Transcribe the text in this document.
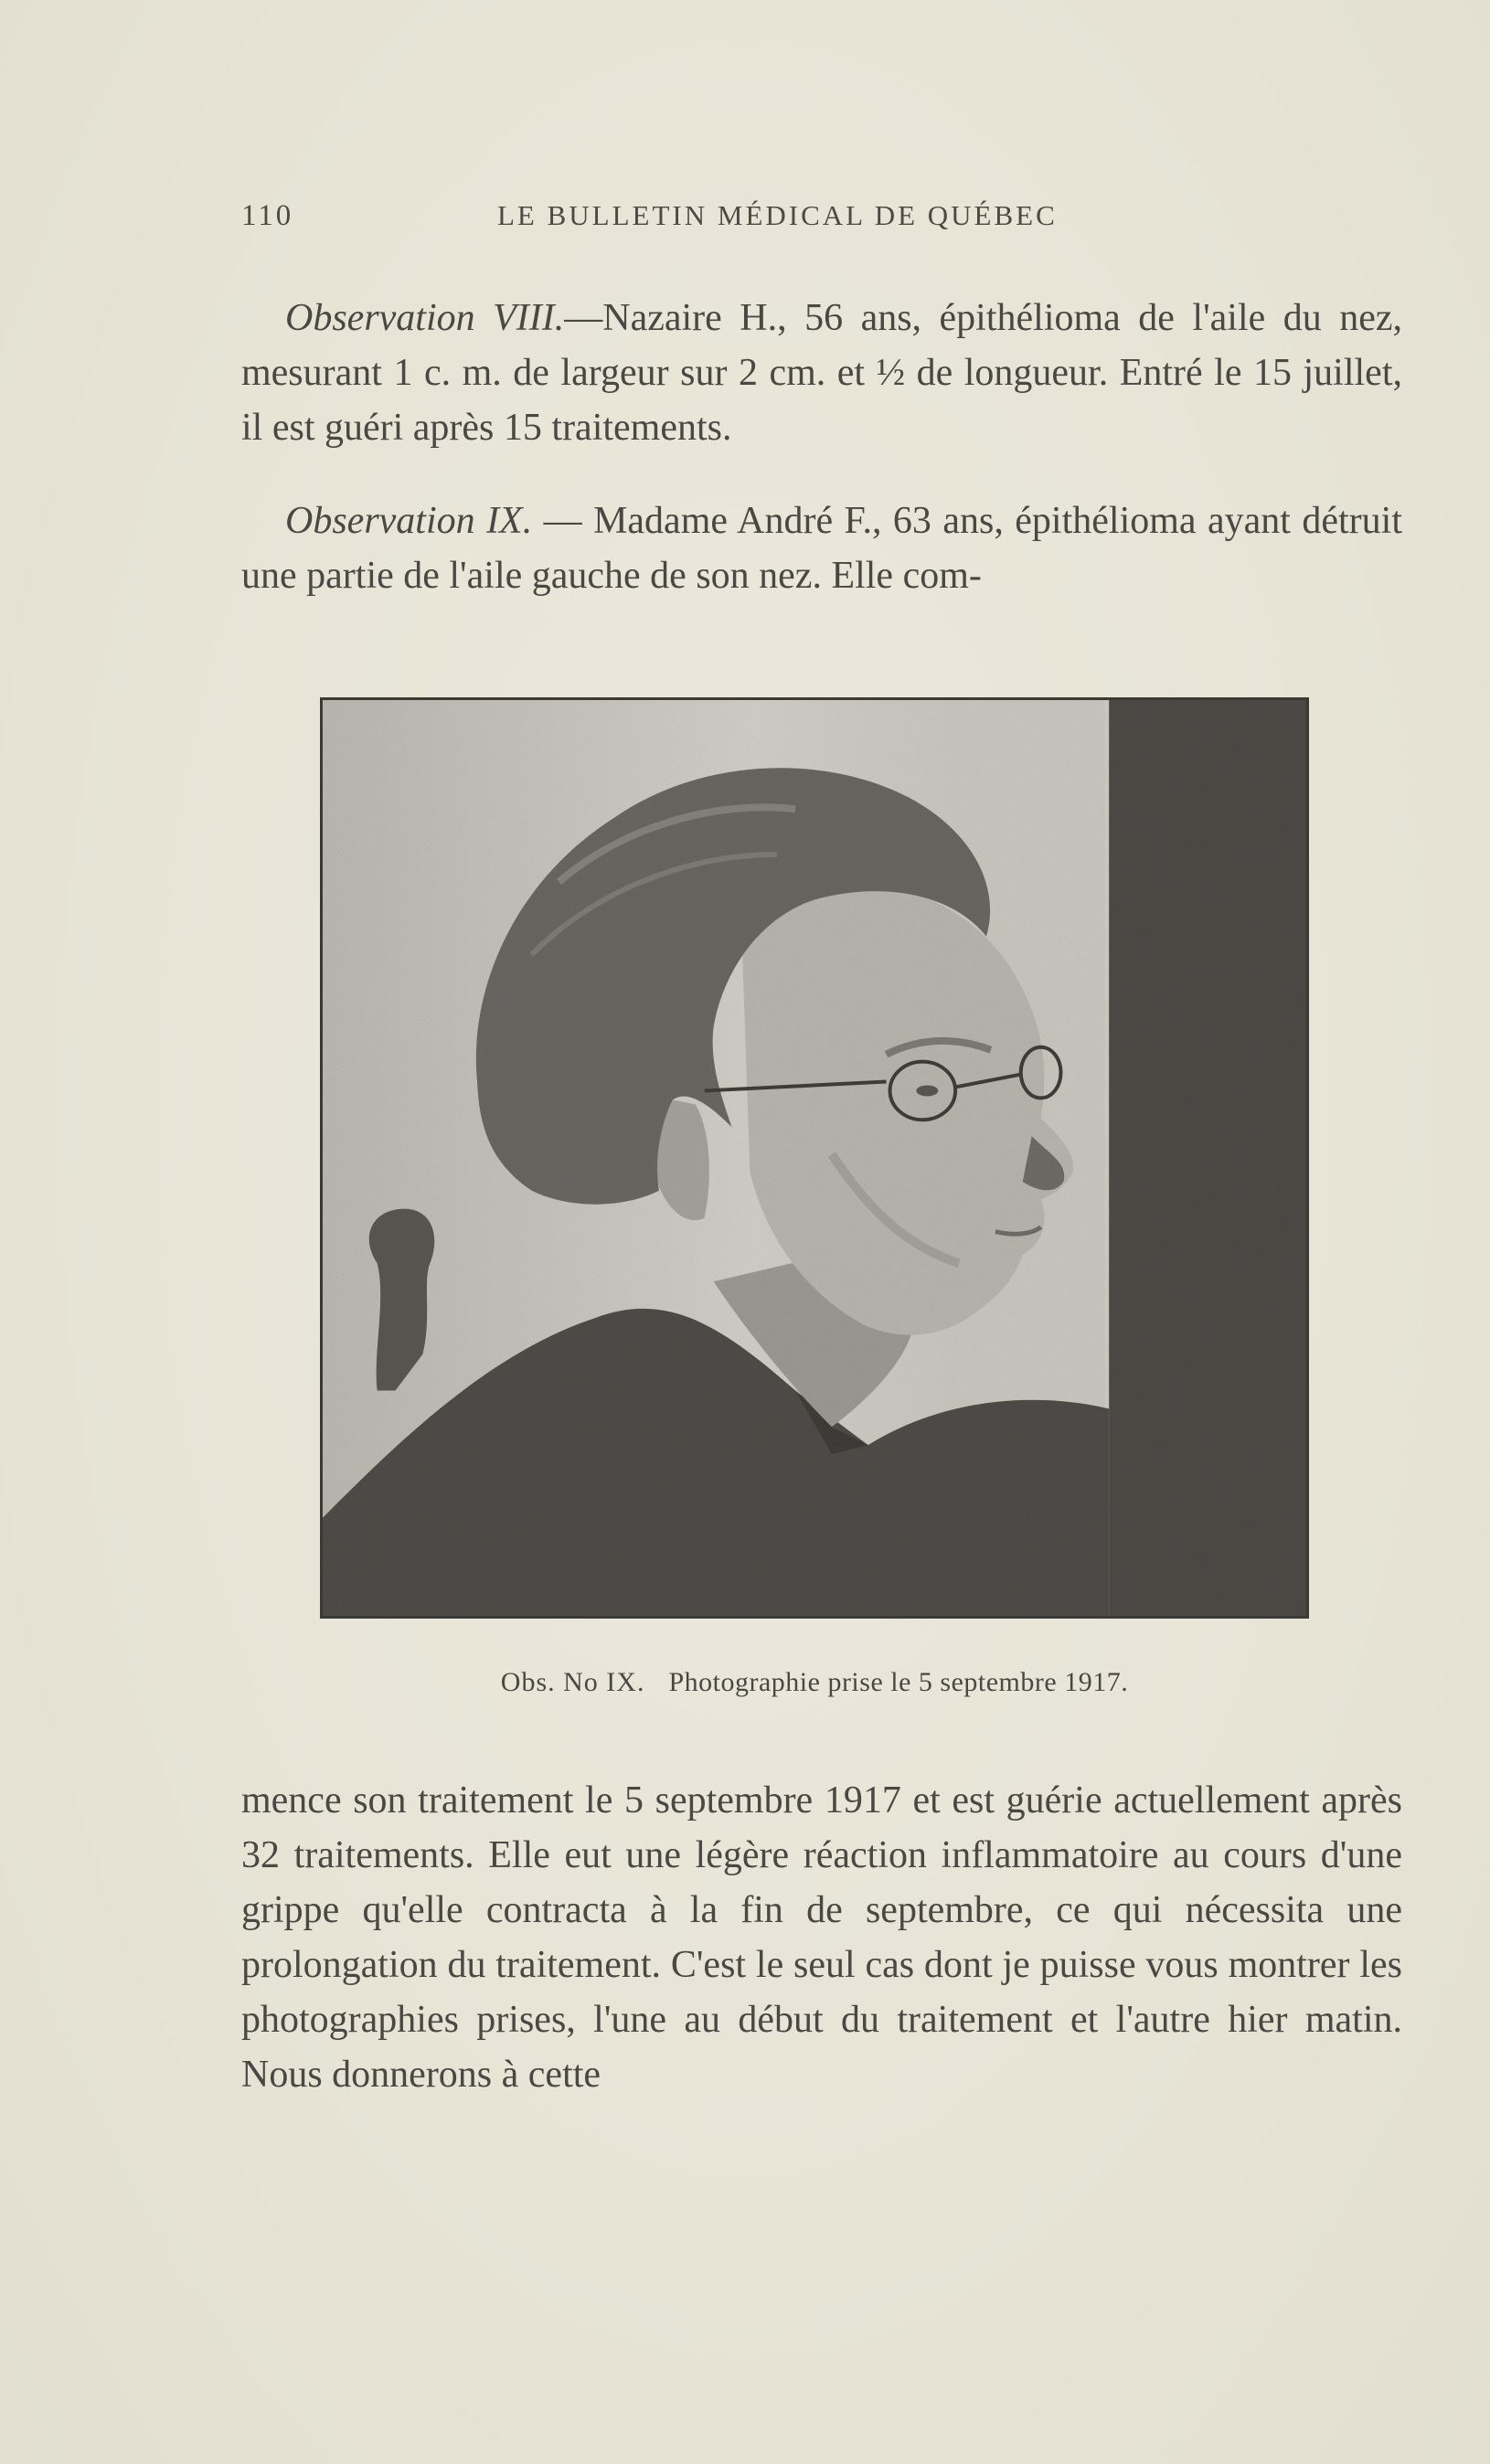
110	LE BULLETIN MÉDICAL DE QUÉBEC
Observation VIII.—Nazaire H., 56 ans, épithélioma de l'aile du nez, mesurant 1 c. m. de largeur sur 2 cm. et ½ de longueur. Entré le 15 juillet, il est guéri après 15 traitements.
Observation IX. — Madame André F., 63 ans, épithélioma ayant détruit une partie de l'aile gauche de son nez. Elle com-
Obs. No IX. Photographie prise le 5 septembre 1917.
mence son traitement le 5 septembre 1917 et est guérie actuellement après 32 traitements. Elle eut une légère réaction inflammatoire au cours d'une grippe qu'elle contracta à la fin de septembre, ce qui nécessita une prolongation du traitement. C'est le seul cas dont je puisse vous montrer les photographies prises, l'une au début du traitement et l'autre hier matin. Nous donnerons à cette
